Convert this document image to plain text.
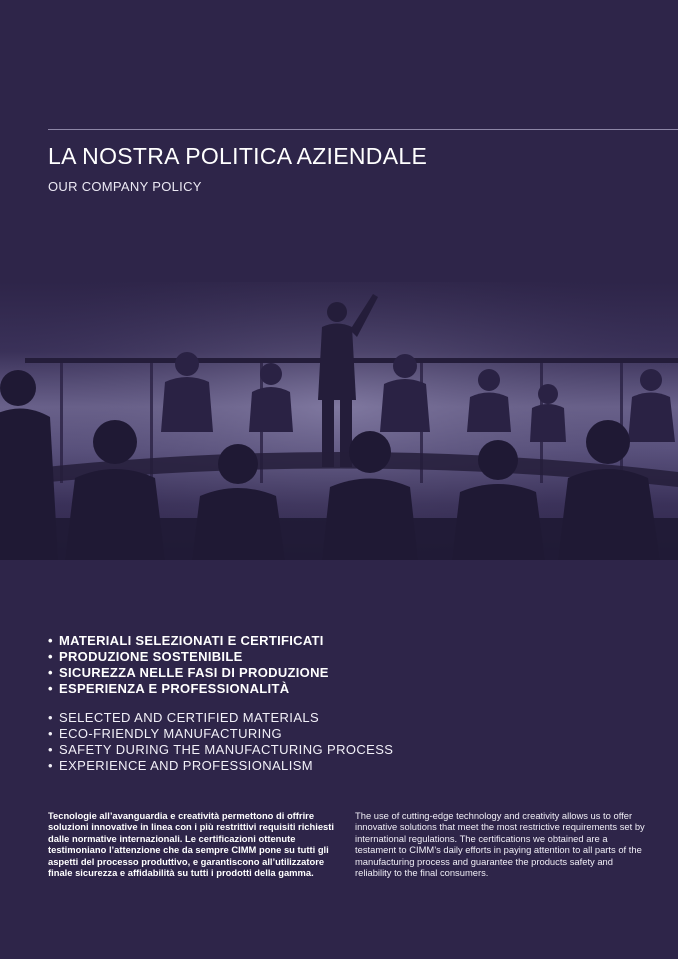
LA NOSTRA POLITICA AZIENDALE

OUR COMPANY POLICY

• MATERIALI SELEZIONATI E CERTIFICATI
• PRODUZIONE SOSTENIBILE
• SICUREZZA NELLE FASI DI PRODUZIONE
• ESPERIENZA E PROFESSIONALITÀ
• SELECTED AND CERTIFIED MATERIALS
• ECO-FRIENDLY MANUFACTURING
• SAFETY DURING THE MANUFACTURING PROCESS
• EXPERIENCE AND PROFESSIONALISM

Tecnologie all’avanguardia e creatività permettono di offrire soluzioni innovative in linea con i più restrittivi requisiti richiesti dalle normative internazionali. Le certificazioni ottenute testimoniano l’attenzione che da sempre CIMM pone su tutti gli aspetti del processo produttivo, e garantiscono all’utilizzatore finale sicurezza e affidabilità su tutti i prodotti della gamma.

The use of cutting-edge technology and creativity allows us to offer innovative solutions that meet the most restrictive requirements set by international regulations. The certifications we obtained are a testament to CIMM’s daily efforts in paying attention to all parts of the manufacturing process and guarantee the products safety and reliability to the final consumers.
